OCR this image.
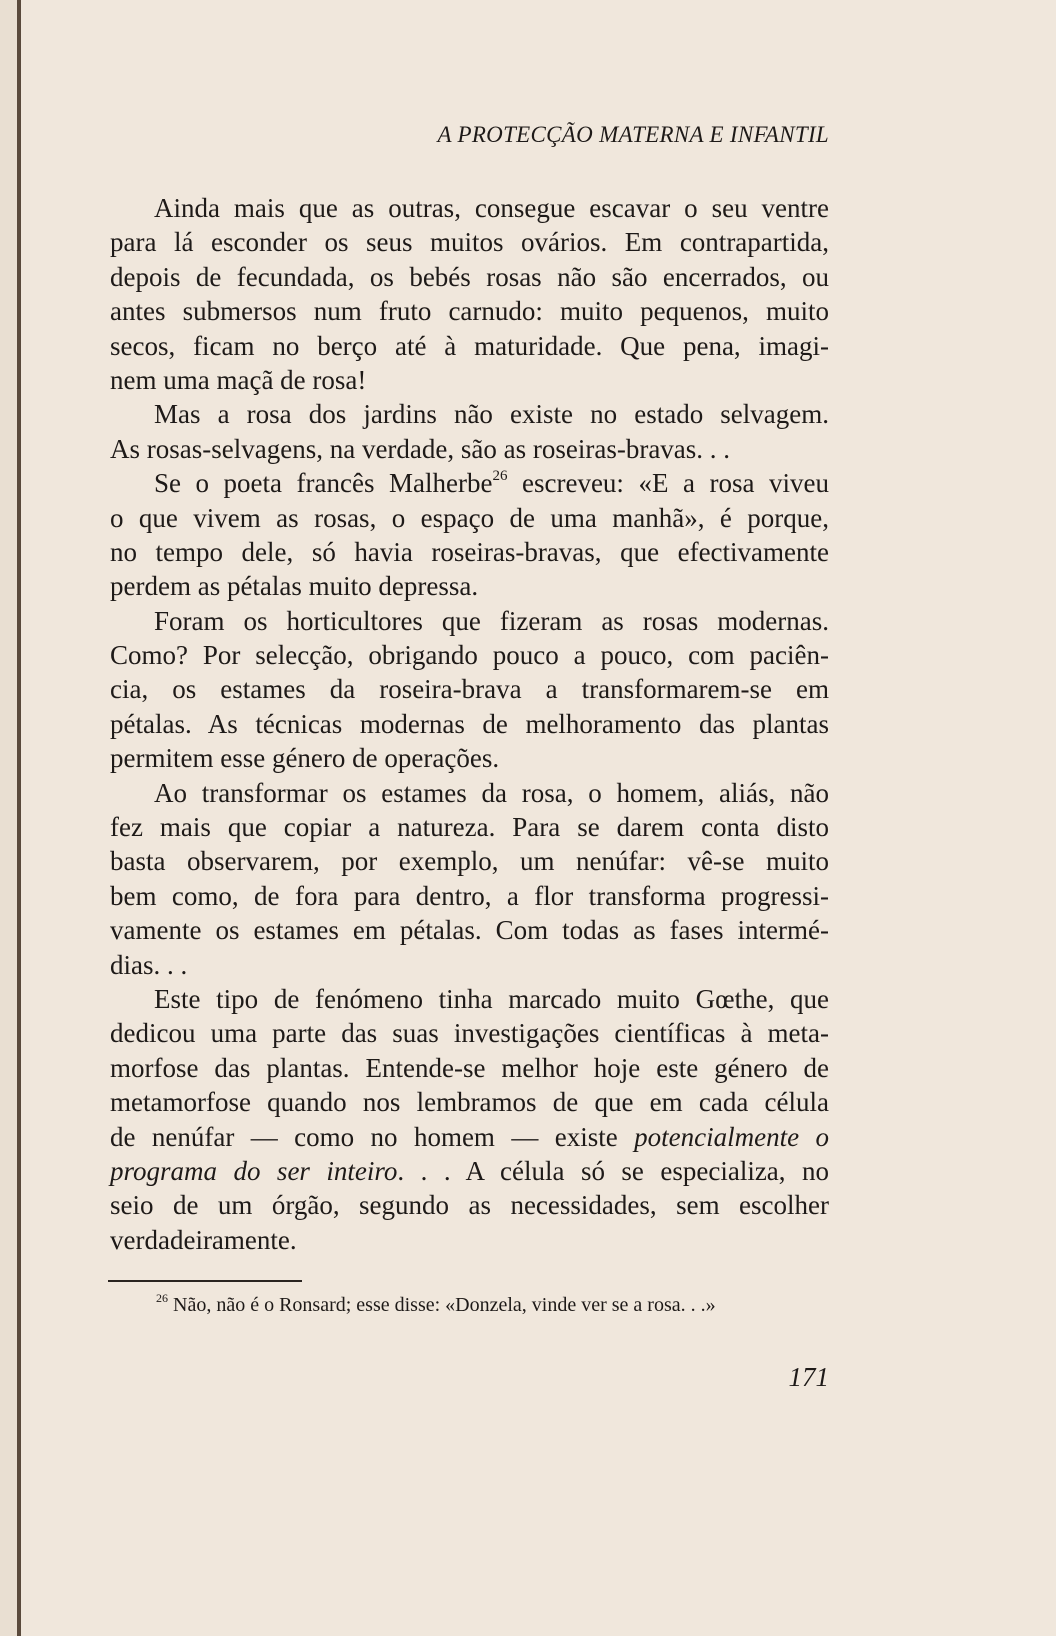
A PROTECÇÃO MATERNA E INFANTIL
Ainda mais que as outras, consegue escavar o seu ventre
para lá esconder os seus muitos ovários. Em contrapartida,
depois de fecundada, os bebés rosas não são encerrados, ou
antes submersos num fruto carnudo: muito pequenos, muito
secos, ficam no berço até à maturidade. Que pena, imagi-
nem uma maçã de rosa!
Mas a rosa dos jardins não existe no estado selvagem.
As rosas-selvagens, na verdade, são as roseiras-bravas. . .
Se o poeta francês Malherbe$^{26}$ escreveu: «E a rosa viveu
o que vivem as rosas, o espaço de uma manhã», é porque,
no tempo dele, só havia roseiras-bravas, que efectivamente
perdem as pétalas muito depressa.
Foram os horticultores que fizeram as rosas modernas.
Como? Por selecção, obrigando pouco a pouco, com paciên-
cia, os estames da roseira-brava a transformarem-se em
pétalas. As técnicas modernas de melhoramento das plantas
permitem esse género de operações.
Ao transformar os estames da rosa, o homem, aliás, não
fez mais que copiar a natureza. Para se darem conta disto
basta observarem, por exemplo, um nenúfar: vê-se muito
bem como, de fora para dentro, a flor transforma progressi-
vamente os estames em pétalas. Com todas as fases intermé-
dias. . .
Este tipo de fenómeno tinha marcado muito Gœthe, que
dedicou uma parte das suas investigações científicas à meta-
morfose das plantas. Entende-se melhor hoje este género de
metamorfose quando nos lembramos de que em cada célula
de nenúfar — como no homem — existe potencialmente o
programa do ser inteiro. . . A célula só se especializa, no
seio de um órgão, segundo as necessidades, sem escolher
verdadeiramente.
$^{26}$ Não, não é o Ronsard; esse disse: «Donzela, vinde ver se a rosa. . .»
171
